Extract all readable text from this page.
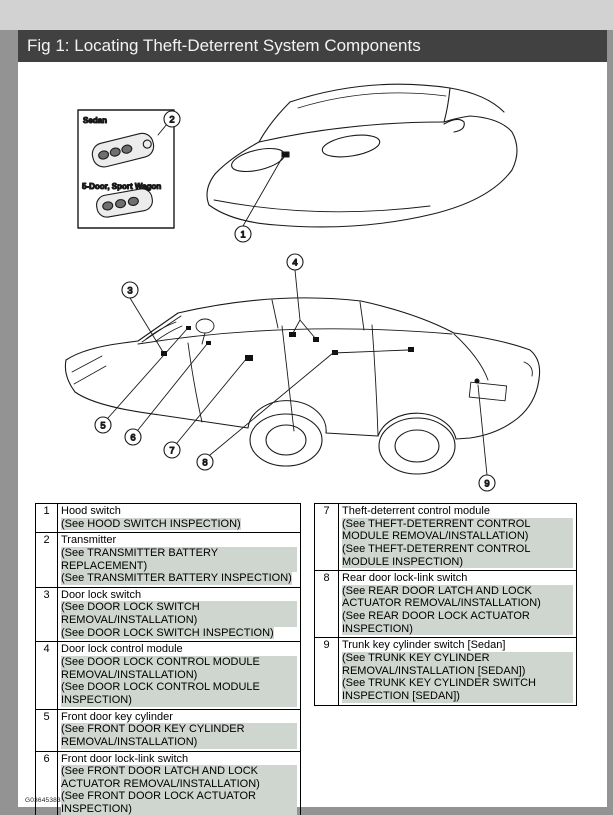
Fig 1: Locating Theft-Deterrent System Components
Sedan
5-Door, Sport Wagon
1
2
3
4
5
6
7
8
9
1	Hood switch
(See HOOD SWITCH INSPECTION)

2	Transmitter
(See TRANSMITTER BATTERY REPLACEMENT)
(See TRANSMITTER BATTERY INSPECTION)

3	Door lock switch
(See DOOR LOCK SWITCH REMOVAL/INSTALLATION)
(See DOOR LOCK SWITCH INSPECTION)

4	Door lock control module
(See DOOR LOCK CONTROL MODULE REMOVAL/INSTALLATION)
(See DOOR LOCK CONTROL MODULE INSPECTION)

5	Front door key cylinder
(See FRONT DOOR KEY CYLINDER REMOVAL/INSTALLATION)

6	Front door lock-link switch
(See FRONT DOOR LATCH AND LOCK ACTUATOR REMOVAL/INSTALLATION)
(See FRONT DOOR LOCK ACTUATOR INSPECTION)
7	Theft-deterrent control module
(See THEFT-DETERRENT CONTROL MODULE REMOVAL/INSTALLATION)
(See THEFT-DETERRENT CONTROL MODULE INSPECTION)

8	Rear door lock-link switch
(See REAR DOOR LATCH AND LOCK ACTUATOR REMOVAL/INSTALLATION)
(See REAR DOOR LOCK ACTUATOR INSPECTION)

9	Trunk key cylinder switch [Sedan]
(See TRUNK KEY CYLINDER REMOVAL/INSTALLATION [SEDAN])
(See TRUNK KEY CYLINDER SWITCH INSPECTION [SEDAN])
G03645383
